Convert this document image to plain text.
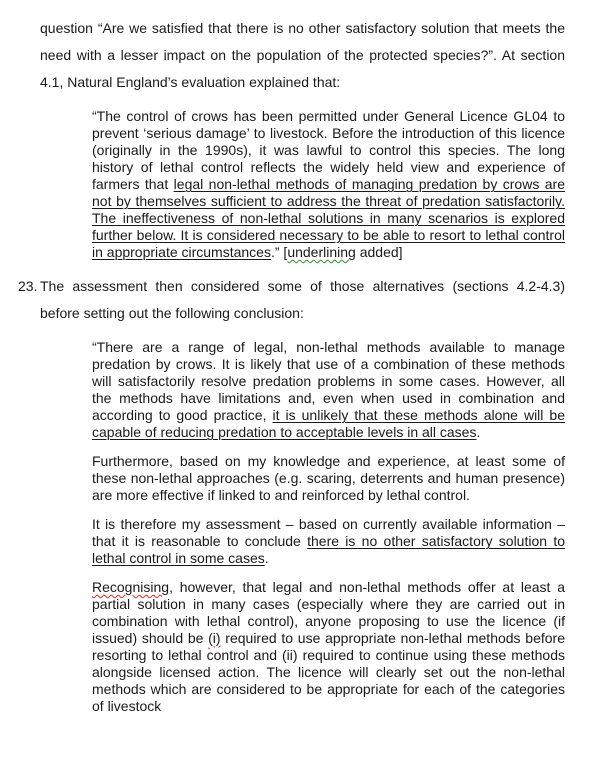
question “Are we satisfied that there is no other satisfactory solution that meets the need with a lesser impact on the population of the protected species?”. At section 4.1, Natural England’s evaluation explained that:

“The control of crows has been permitted under General Licence GL04 to prevent ‘serious damage’ to livestock. Before the introduction of this licence (originally in the 1990s), it was lawful to control this species. The long history of lethal control reflects the widely held view and experience of farmers that legal non-lethal methods of managing predation by crows are not by themselves sufficient to address the threat of predation satisfactorily. The ineffectiveness of non-lethal solutions in many scenarios is explored further below. It is considered necessary to be able to resort to lethal control in appropriate circumstances.” [underlining added]

23. The assessment then considered some of those alternatives (sections 4.2-4.3) before setting out the following conclusion:

“There are a range of legal, non-lethal methods available to manage predation by crows. It is likely that use of a combination of these methods will satisfactorily resolve predation problems in some cases. However, all the methods have limitations and, even when used in combination and according to good practice, it is unlikely that these methods alone will be capable of reducing predation to acceptable levels in all cases.

Furthermore, based on my knowledge and experience, at least some of these non-lethal approaches (e.g. scaring, deterrents and human presence) are more effective if linked to and reinforced by lethal control.

It is therefore my assessment – based on currently available information – that it is reasonable to conclude there is no other satisfactory solution to lethal control in some cases.

Recognising, however, that legal and non-lethal methods offer at least a partial solution in many cases (especially where they are carried out in combination with lethal control), anyone proposing to use the licence (if issued) should be (i) required to use appropriate non-lethal methods before resorting to lethal control and (ii) required to continue using these methods alongside licensed action. The licence will clearly set out the non-lethal methods which are considered to be appropriate for each of the categories of livestock
